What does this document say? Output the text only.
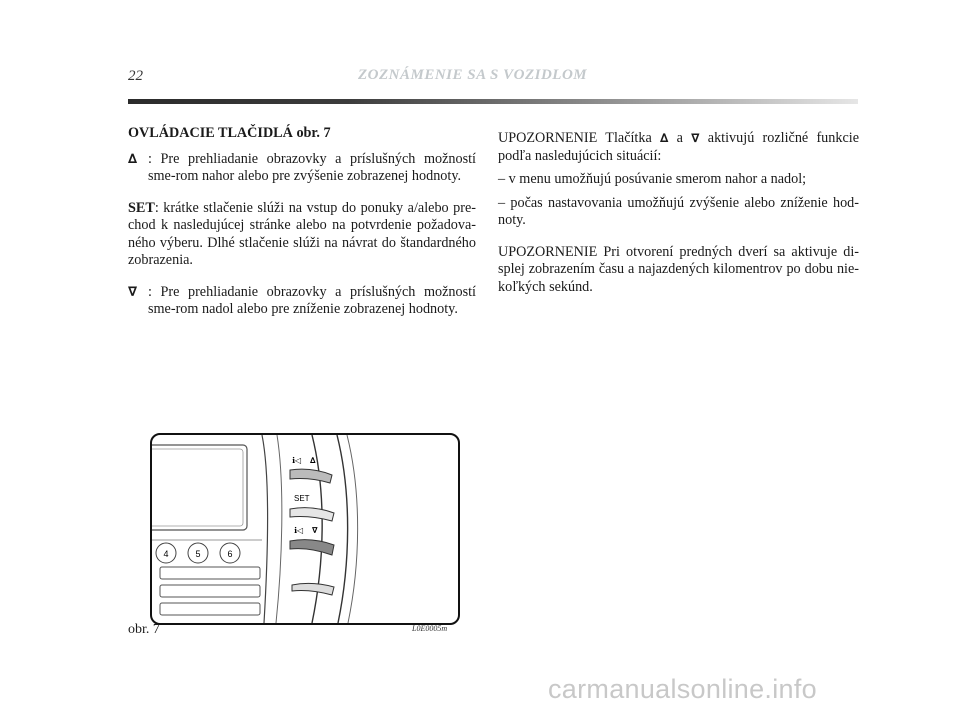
22	ZOZNÁMENIE SA S VOZIDLOM

OVLÁDACIE TLAČIDLÁ obr. 7

∆ : Pre prehliadanie obrazovky a príslušných možností sme-rom nahor alebo pre zvýšenie zobrazenej hodnoty.

SET: krátke stlačenie slúži na vstup do ponuky a/alebo pre-chod k nasledujúcej stránke alebo na potvrdenie požadova-ného výberu. Dlhé stlačenie slúži na návrat do štandardného zobrazenia.

∇ : Pre prehliadanie obrazovky a príslušných možností sme-rom nadol alebo pre zníženie zobrazenej hodnoty.

UPOZORNENIE Tlačítka ∆ a ∇ aktivujú rozličné funkcie podľa nasledujúcich situácií:

– v menu umožňujú posúvanie smerom nahor a nadol;

– počas nastavovania umožňujú zvýšenie alebo zníženie hod-noty.

UPOZORNENIE Pri otvorení predných dverí sa aktivuje di-splej zobrazením času a najazdených kilomentrov po dobu nie-koľkých sekúnd.

4	5	6
ℹ◁ ∆
SET
ℹ◁ ∇
obr. 7	L0E0005m
carmanualsonline.info
